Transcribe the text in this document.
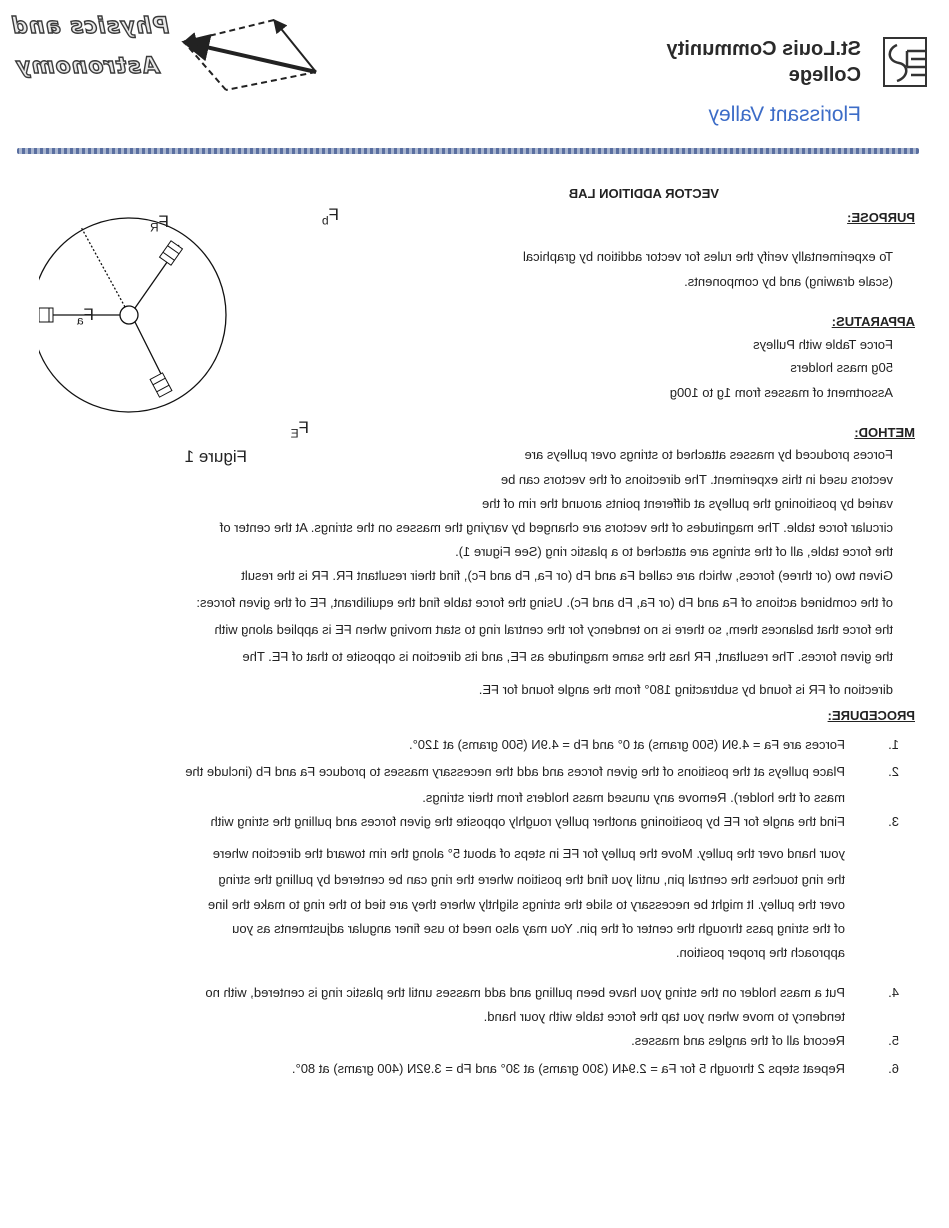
St.Louis Community
College
Florissant Valley
Physics and
Astronomy
VECTOR ADDITION LAB
PURPOSE:
To experimentally verify the rules for vector addition by graphical
(scale drawing) and by components.
APPARATUS:
Force Table with Pulleys
50g mass holders
Assortment of masses from 1g to 100g
$F_a$
$F_b$
$F_E$
$F_R$
Figure 1
METHOD:
Forces produced by masses attached to strings over pulleys are
vectors used in this experiment. The directions of the vectors can be
varied by positioning the pulleys at different points around the rim of the
circular force table. The magnitudes of the vectors are changed by varying the masses on the strings. At the center of
the force table, all of the strings are attached to a plastic ring (See Figure 1).
Given two (or three) forces, which are called Fa and Fb (or Fa, Fb and Fc), find their resultant FR. FR is the result
of the combined actions of Fa and Fb (or Fa, Fb and Fc). Using the force table find the equilibrant, FE of the given forces:
the force that balances them, so there is no tendency for the central ring to start moving when FE is applied along with
the given forces. The resultant, FR has the same magnitude as FE, and its direction is opposite to that of FE. The
direction of FR is found by subtracting 180° from the angle found for FE.
PROCEDURE:
1.
Forces are Fa = 4.9N (500 grams) at 0° and Fb = 4.9N (500 grams) at 120°.
2.
Place pulleys at the positions of the given forces and add the necessary masses to produce Fa and Fb (include the
mass of the holder). Remove any unused mass holders from their strings.
3.
Find the angle for FE by positioning another pulley roughly opposite the given forces and pulling the string with
your hand over the pulley. Move the pulley for FE in steps of about 5° along the rim toward the direction where
the ring touches the central pin, until you find the position where the ring can be centered by pulling the string
over the pulley. It might be necessary to slide the strings slightly where they are tied to the ring to make the line
of the string pass through the center of the pin. You may also need to use finer angular adjustments as you
approach the proper position.
4.
Put a mass holder on the string you have been pulling and add masses until the plastic ring is centered, with no
tendency to move when you tap the force table with your hand.
5.
Record all of the angles and masses.
6.
Repeat steps 2 through 5 for Fa = 2.94N (300 grams) at 30° and Fb = 3.92N (400 grams) at 80°.
